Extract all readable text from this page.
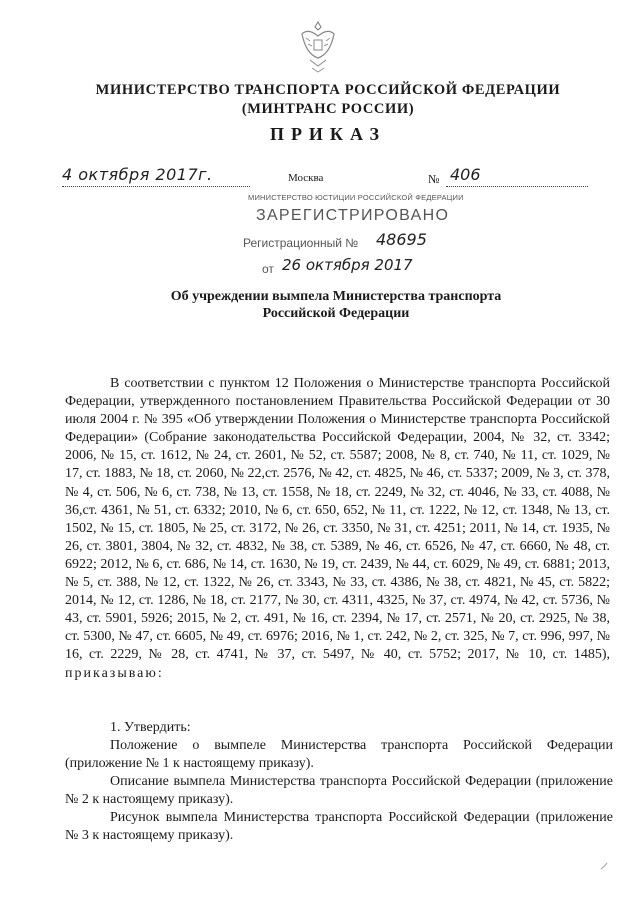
МИНИСТЕРСТВО ТРАНСПОРТА РОССИЙСКОЙ ФЕДЕРАЦИИ
(МИНТРАНС РОССИИ)
ПРИКАЗ
4 октября 2017г.	Москва	№ 406
МИНИСТЕРСТВО ЮСТИЦИИ РОССИЙСКОЙ ФЕДЕРАЦИИ
ЗАРЕГИСТРИРОВАНО
Регистрационный № 48695
от 26 октября 2017
Об учреждении вымпела Министерства транспорта
Российской Федерации
В соответствии с пунктом 12 Положения о Министерстве транспорта Российской Федерации, утвержденного постановлением Правительства Российской Федерации от 30 июля 2004 г. № 395 «Об утверждении Положения о Министерстве транспорта Российской Федерации» (Собрание законодательства Российской Федерации, 2004, № 32, ст. 3342; 2006, № 15, ст. 1612, № 24, ст. 2601, № 52, ст. 5587; 2008, № 8, ст. 740, № 11, ст. 1029, № 17, ст. 1883, № 18, ст. 2060, № 22,ст. 2576, № 42, ст. 4825, № 46, ст. 5337; 2009, № 3, ст. 378, № 4, ст. 506, № 6, ст. 738, № 13, ст. 1558, № 18, ст. 2249, № 32, ст. 4046, № 33, ст. 4088, № 36,ст. 4361, № 51, ст. 6332; 2010, № 6, ст. 650, 652, № 11, ст. 1222, № 12, ст. 1348, № 13, ст. 1502, № 15, ст. 1805, № 25, ст. 3172, № 26, ст. 3350, № 31, ст. 4251; 2011, № 14, ст. 1935, № 26, ст. 3801, 3804, № 32, ст. 4832, № 38, ст. 5389, № 46, ст. 6526, № 47, ст. 6660, № 48, ст. 6922; 2012, № 6, ст. 686, № 14, ст. 1630, № 19, ст. 2439, № 44, ст. 6029, № 49, ст. 6881; 2013, № 5, ст. 388, № 12, ст. 1322, № 26, ст. 3343, № 33, ст. 4386, № 38, ст. 4821, № 45, ст. 5822; 2014, № 12, ст. 1286, № 18, ст. 2177, № 30, ст. 4311, 4325, № 37, ст. 4974, № 42, ст. 5736, № 43, ст. 5901, 5926; 2015, № 2, ст. 491, № 16, ст. 2394, № 17, ст. 2571, № 20, ст. 2925, № 38, ст. 5300, № 47, ст. 6605, № 49, ст. 6976; 2016, № 1, ст. 242, № 2, ст. 325, № 7, ст. 996, 997, № 16, ст. 2229, № 28, ст. 4741, № 37, ст. 5497, № 40, ст. 5752; 2017, № 10, ст. 1485), приказываю:
1. Утвердить:
Положение о вымпеле Министерства транспорта Российской Федерации (приложение № 1 к настоящему приказу).
Описание вымпела Министерства транспорта Российской Федерации (приложение № 2 к настоящему приказу).
Рисунок вымпела Министерства транспорта Российской Федерации (приложение № 3 к настоящему приказу).
